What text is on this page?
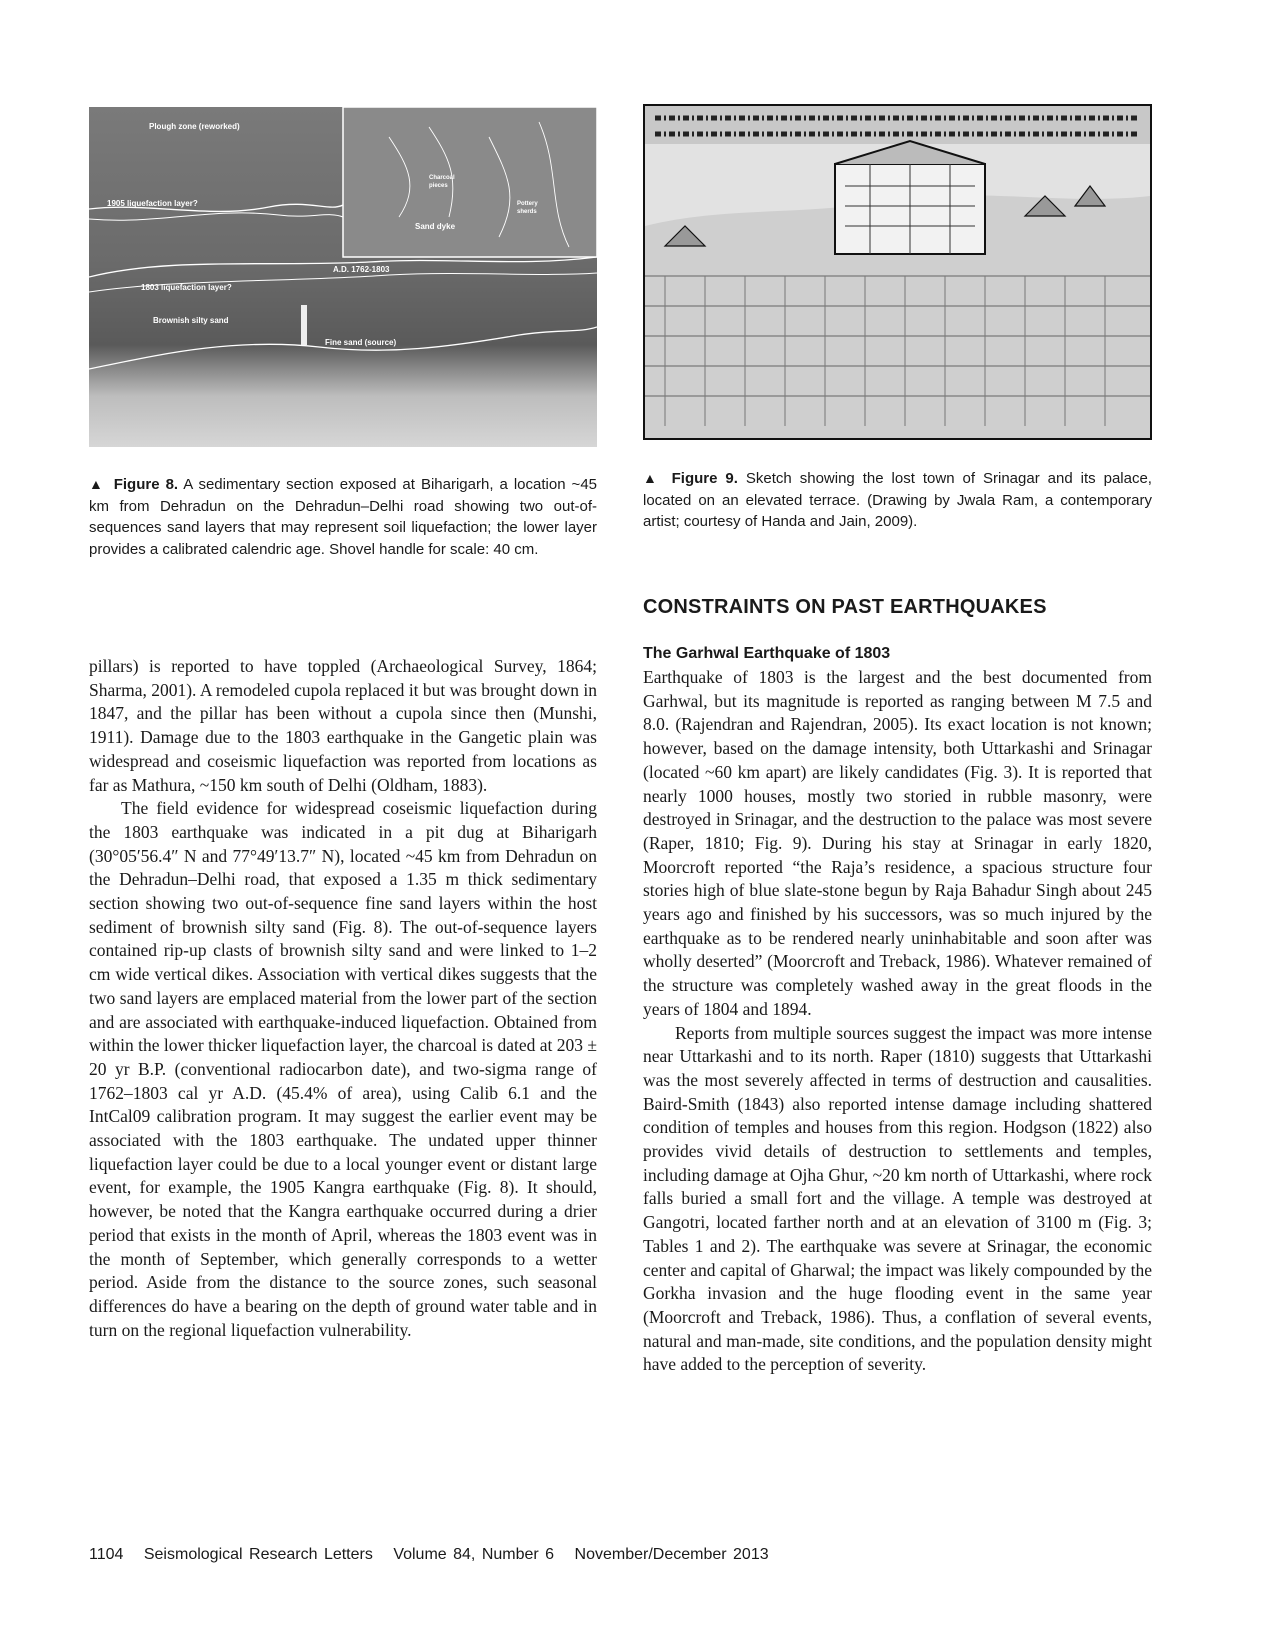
Plough zone (reworked)
1905 liquefaction layer?
Charcoal
pieces
Pottery
sherds
Sand dyke
A.D. 1762-1803
1803 liquefaction layer?
Brownish silty sand
Fine sand (source)

▲ Figure 8. A sedimentary section exposed at Biharigarh, a location ~45 km from Dehradun on the Dehradun–Delhi road showing two out-of-sequences sand layers that may represent soil liquefaction; the lower layer provides a calibrated calendric age. Shovel handle for scale: 40 cm.

▲ Figure 9. Sketch showing the lost town of Srinagar and its palace, located on an elevated terrace. (Drawing by Jwala Ram, a contemporary artist; courtesy of Handa and Jain, 2009).

pillars) is reported to have toppled (Archaeological Survey, 1864; Sharma, 2001). A remodeled cupola replaced it but was brought down in 1847, and the pillar has been without a cupola since then (Munshi, 1911). Damage due to the 1803 earthquake in the Gangetic plain was widespread and coseismic liquefaction was reported from locations as far as Mathura, ~150 km south of Delhi (Oldham, 1883).

The field evidence for widespread coseismic liquefaction during the 1803 earthquake was indicated in a pit dug at Biharigarh (30°05′56.4″ N and 77°49′13.7″ N), located ~45 km from Dehradun on the Dehradun–Delhi road, that exposed a 1.35 m thick sedimentary section showing two out-of-sequence fine sand layers within the host sediment of brownish silty sand (Fig. 8). The out-of-sequence layers contained rip-up clasts of brownish silty sand and were linked to 1–2 cm wide vertical dikes. Association with vertical dikes suggests that the two sand layers are emplaced material from the lower part of the section and are associated with earthquake-induced liquefaction. Obtained from within the lower thicker liquefaction layer, the charcoal is dated at 203 ± 20 yr B.P. (conventional radiocarbon date), and two-sigma range of 1762–1803 cal yr A.D. (45.4% of area), using Calib 6.1 and the IntCal09 calibration program. It may suggest the earlier event may be associated with the 1803 earthquake. The undated upper thinner liquefaction layer could be due to a local younger event or distant large event, for example, the 1905 Kangra earthquake (Fig. 8). It should, however, be noted that the Kangra earthquake occurred during a drier period that exists in the month of April, whereas the 1803 event was in the month of September, which generally corresponds to a wetter period. Aside from the distance to the source zones, such seasonal differences do have a bearing on the depth of ground water table and in turn on the regional liquefaction vulnerability.

CONSTRAINTS ON PAST EARTHQUAKES
The Garhwal Earthquake of 1803

Earthquake of 1803 is the largest and the best documented from Garhwal, but its magnitude is reported as ranging between M 7.5 and 8.0. (Rajendran and Rajendran, 2005). Its exact location is not known; however, based on the damage intensity, both Uttarkashi and Srinagar (located ~60 km apart) are likely candidates (Fig. 3). It is reported that nearly 1000 houses, mostly two storied in rubble masonry, were destroyed in Srinagar, and the destruction to the palace was most severe (Raper, 1810; Fig. 9). During his stay at Srinagar in early 1820, Moorcroft reported “the Raja’s residence, a spacious structure four stories high of blue slate-stone begun by Raja Bahadur Singh about 245 years ago and finished by his successors, was so much injured by the earthquake as to be rendered nearly uninhabitable and soon after was wholly deserted” (Moorcroft and Treback, 1986). Whatever remained of the structure was completely washed away in the great floods in the years of 1804 and 1894.

Reports from multiple sources suggest the impact was more intense near Uttarkashi and to its north. Raper (1810) suggests that Uttarkashi was the most severely affected in terms of destruction and causalities. Baird-Smith (1843) also reported intense damage including shattered condition of temples and houses from this region. Hodgson (1822) also provides vivid details of destruction to settlements and temples, including damage at Ojha Ghur, ~20 km north of Uttarkashi, where rock falls buried a small fort and the village. A temple was destroyed at Gangotri, located farther north and at an elevation of 3100 m (Fig. 3; Tables 1 and 2). The earthquake was severe at Srinagar, the economic center and capital of Gharwal; the impact was likely compounded by the Gorkha invasion and the huge flooding event in the same year (Moorcroft and Treback, 1986). Thus, a conflation of several events, natural and man-made, site conditions, and the population density might have added to the perception of severity.

1104 Seismological Research Letters Volume 84, Number 6 November/December 2013
